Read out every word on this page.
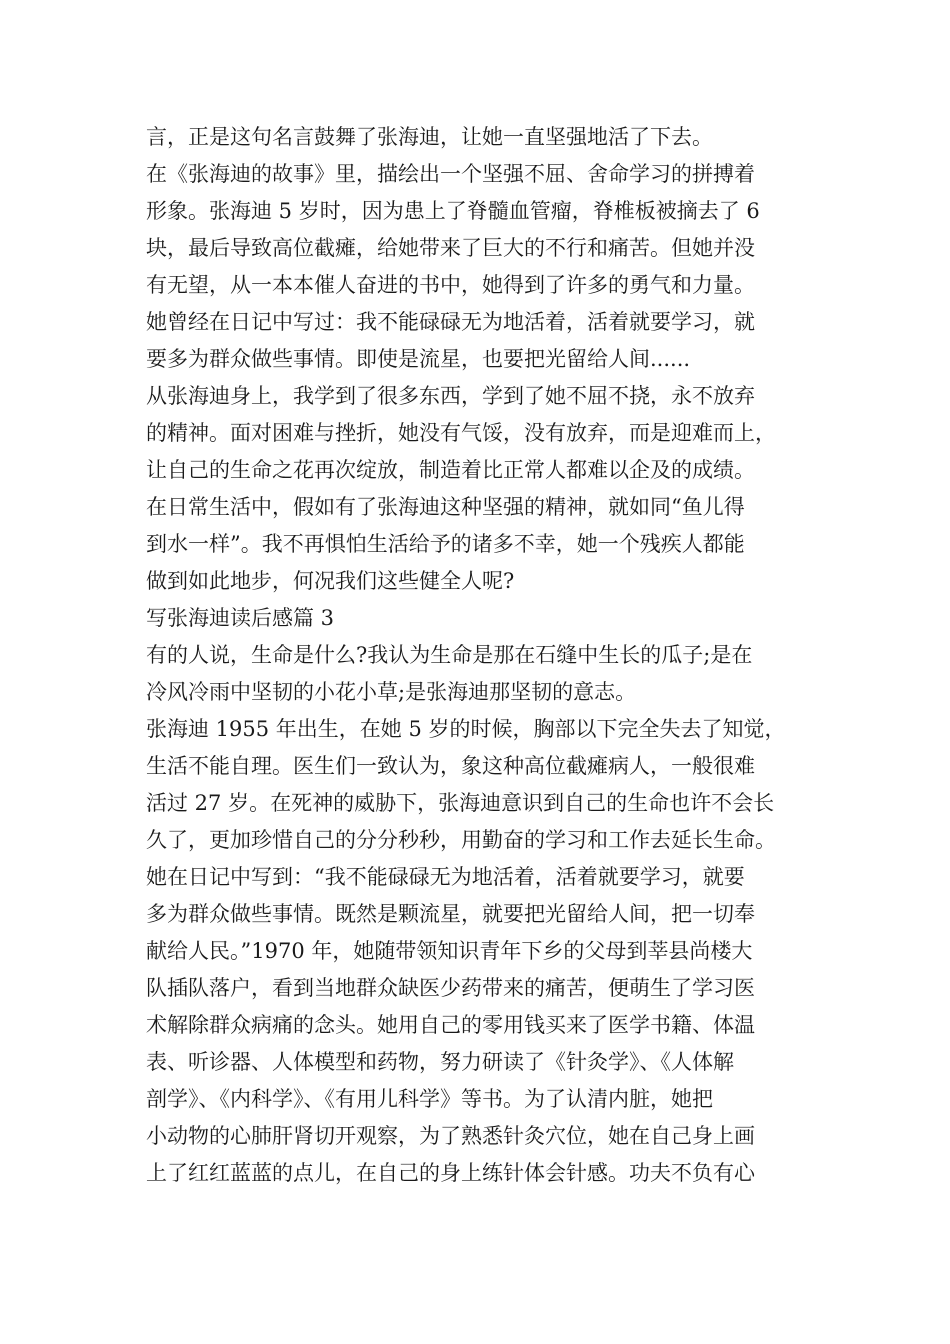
言，正是这句名言鼓舞了张海迪，让她一直坚强地活了下去。
在《张海迪的故事》里，描绘出一个坚强不屈、舍命学习的拼搏着
形象。张海迪 5 岁时，因为患上了脊髓血管瘤，脊椎板被摘去了 6
块，最后导致高位截瘫，给她带来了巨大的不行和痛苦。但她并没
有无望，从一本本催人奋进的书中，她得到了许多的勇气和力量。
她曾经在日记中写过：我不能碌碌无为地活着，活着就要学习，就
要多为群众做些事情。即使是流星，也要把光留给人间......
从张海迪身上，我学到了很多东西，学到了她不屈不挠，永不放弃
的精神。面对困难与挫折，她没有气馁，没有放弃，而是迎难而上，
让自己的生命之花再次绽放，制造着比正常人都难以企及的成绩。
在日常生活中，假如有了张海迪这种坚强的精神，就如同“鱼儿得
到水一样”。我不再惧怕生活给予的诸多不幸，她一个残疾人都能
做到如此地步，何况我们这些健全人呢?
写张海迪读后感篇 3
有的人说，生命是什么?我认为生命是那在石缝中生长的瓜子;是在
冷风冷雨中坚韧的小花小草;是张海迪那坚韧的意志。
张海迪 1955 年出生，在她 5 岁的时候，胸部以下完全失去了知觉，
生活不能自理。医生们一致认为，象这种高位截瘫病人，一般很难
活过 27 岁。在死神的威胁下，张海迪意识到自己的生命也许不会长
久了，更加珍惜自己的分分秒秒，用勤奋的学习和工作去延长生命。
她在日记中写到：“我不能碌碌无为地活着，活着就要学习，就要
多为群众做些事情。既然是颗流星，就要把光留给人间，把一切奉
献给人民。”1970 年，她随带领知识青年下乡的父母到莘县尚楼大
队插队落户，看到当地群众缺医少药带来的痛苦，便萌生了学习医
术解除群众病痛的念头。她用自己的零用钱买来了医学书籍、体温
表、听诊器、人体模型和药物，努力研读了《针灸学》、《人体解
剖学》、《内科学》、《有用儿科学》等书。为了认清内脏，她把
小动物的心肺肝肾切开观察，为了熟悉针灸穴位，她在自己身上画
上了红红蓝蓝的点儿，在自己的身上练针体会针感。功夫不负有心
